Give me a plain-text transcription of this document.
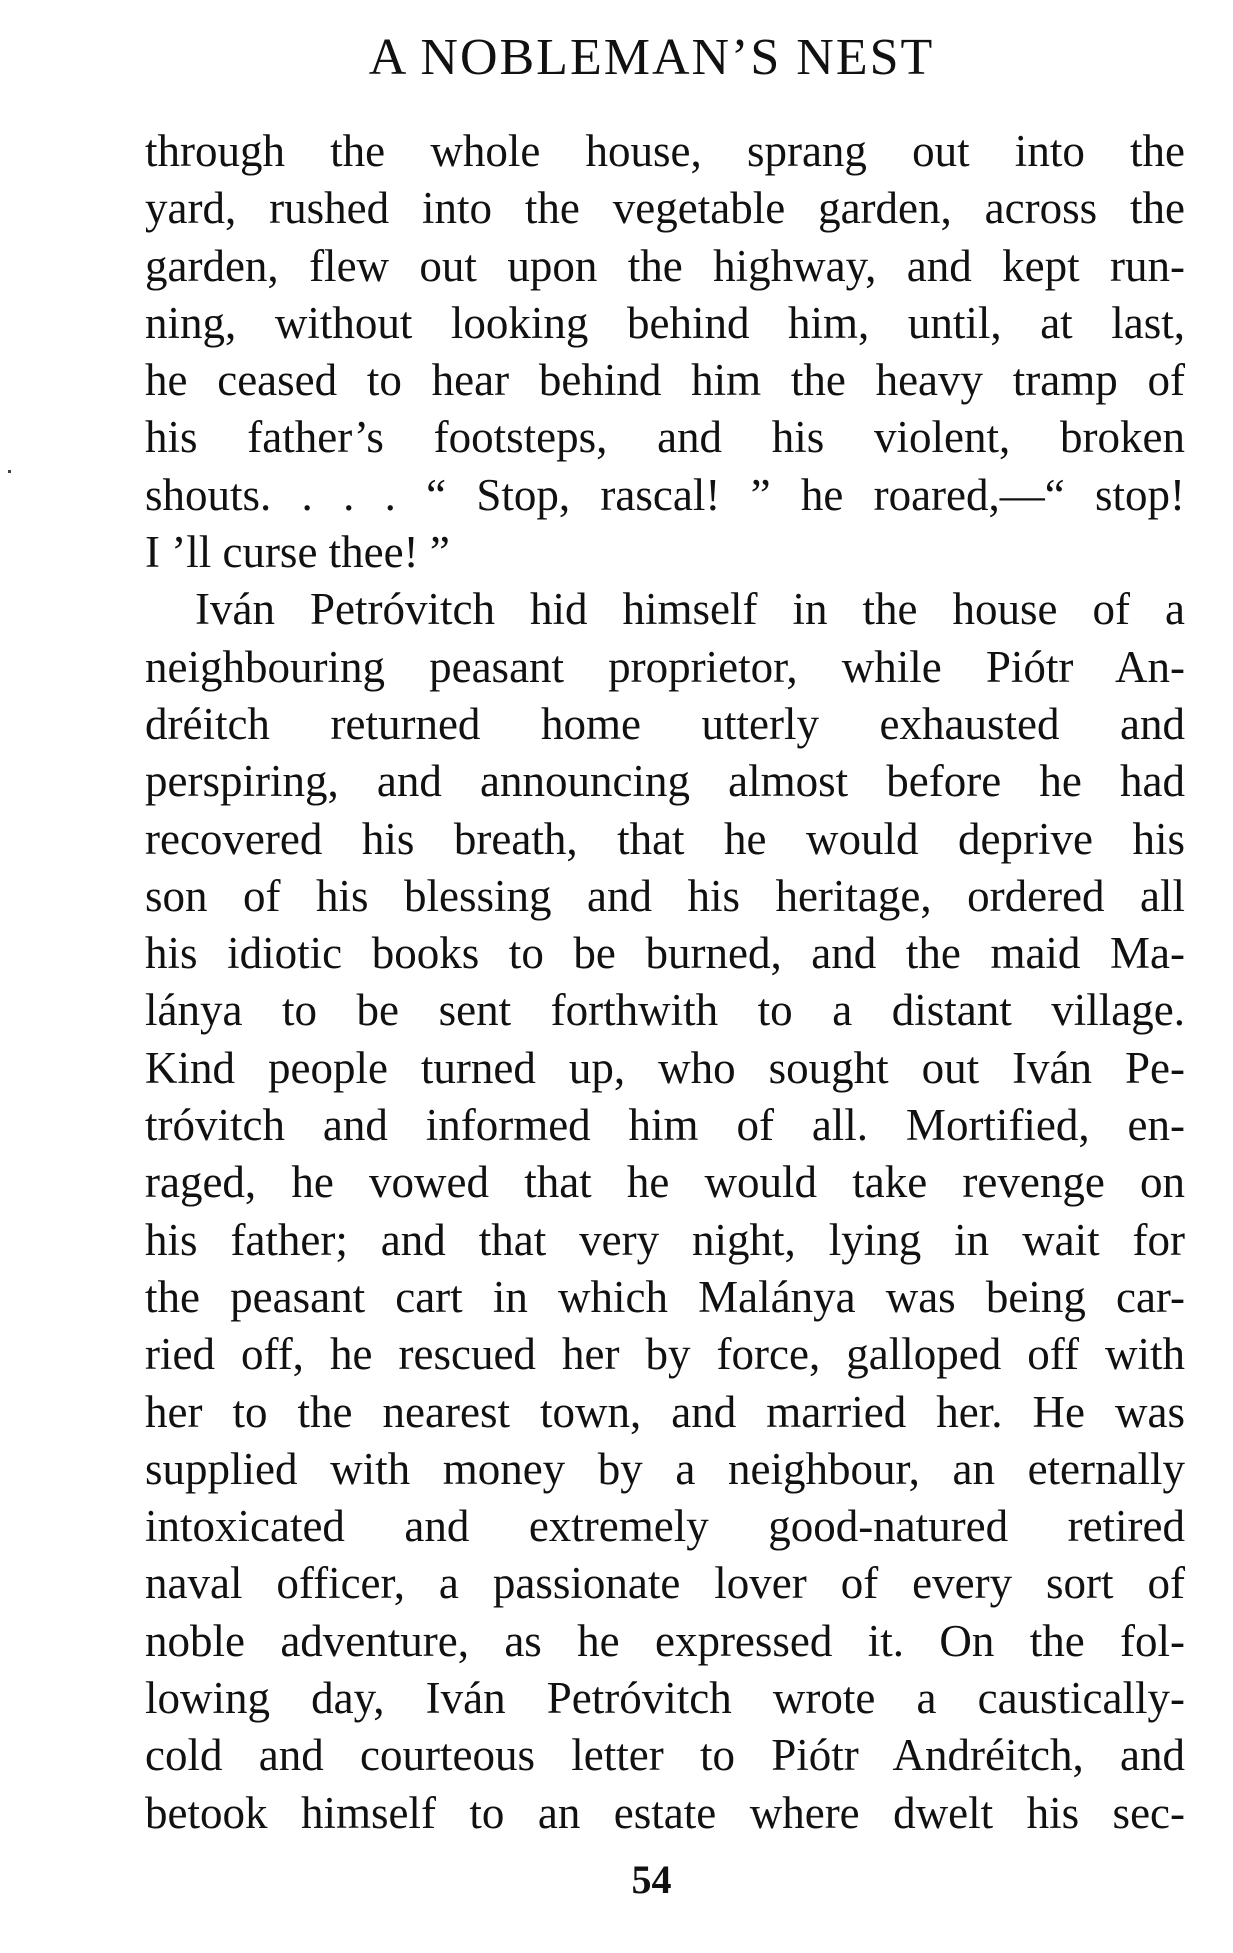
A NOBLEMAN’S NEST
through the whole house, sprang out into the
yard, rushed into the vegetable garden, across the
garden, flew out upon the highway, and kept run-
ning, without looking behind him, until, at last,
he ceased to hear behind him the heavy tramp of
his father’s footsteps, and his violent, broken
shouts. . . . “ Stop, rascal! ” he roared,—“ stop!
I ’ll curse thee! ”
Iván Petróvitch hid himself in the house of a
neighbouring peasant proprietor, while Piótr An-
dréitch returned home utterly exhausted and
perspiring, and announcing almost before he had
recovered his breath, that he would deprive his
son of his blessing and his heritage, ordered all
his idiotic books to be burned, and the maid Ma-
lánya to be sent forthwith to a distant village.
Kind people turned up, who sought out Iván Pe-
tróvitch and informed him of all. Mortified, en-
raged, he vowed that he would take revenge on
his father; and that very night, lying in wait for
the peasant cart in which Malánya was being car-
ried off, he rescued her by force, galloped off with
her to the nearest town, and married her. He was
supplied with money by a neighbour, an eternally
intoxicated and extremely good-natured retired
naval officer, a passionate lover of every sort of
noble adventure, as he expressed it. On the fol-
lowing day, Iván Petróvitch wrote a caustically-
cold and courteous letter to Piótr Andréitch, and
betook himself to an estate where dwelt his sec-
54
